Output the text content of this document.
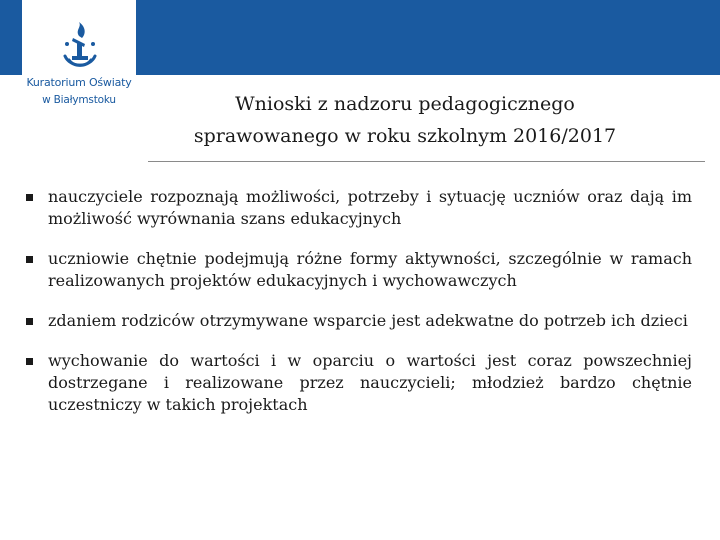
Kuratorium Oświaty
w Białymstoku	Wnioski z nadzoru pedagogicznego
sprawowanego w roku szkolnym 2016/2017
nauczyciele rozpoznają możliwości, potrzeby i sytuację uczniów oraz dają im możliwość wyrównania szans edukacyjnych
uczniowie chętnie podejmują różne formy aktywności, szczególnie w ramach realizowanych projektów edukacyjnych i wychowawczych
zdaniem rodziców otrzymywane wsparcie jest adekwatne do potrzeb ich dzieci
wychowanie do wartości i w oparciu o wartości jest coraz powszechniej dostrzegane i realizowane przez nauczycieli; młodzież bardzo chętnie uczestniczy w takich projektach
